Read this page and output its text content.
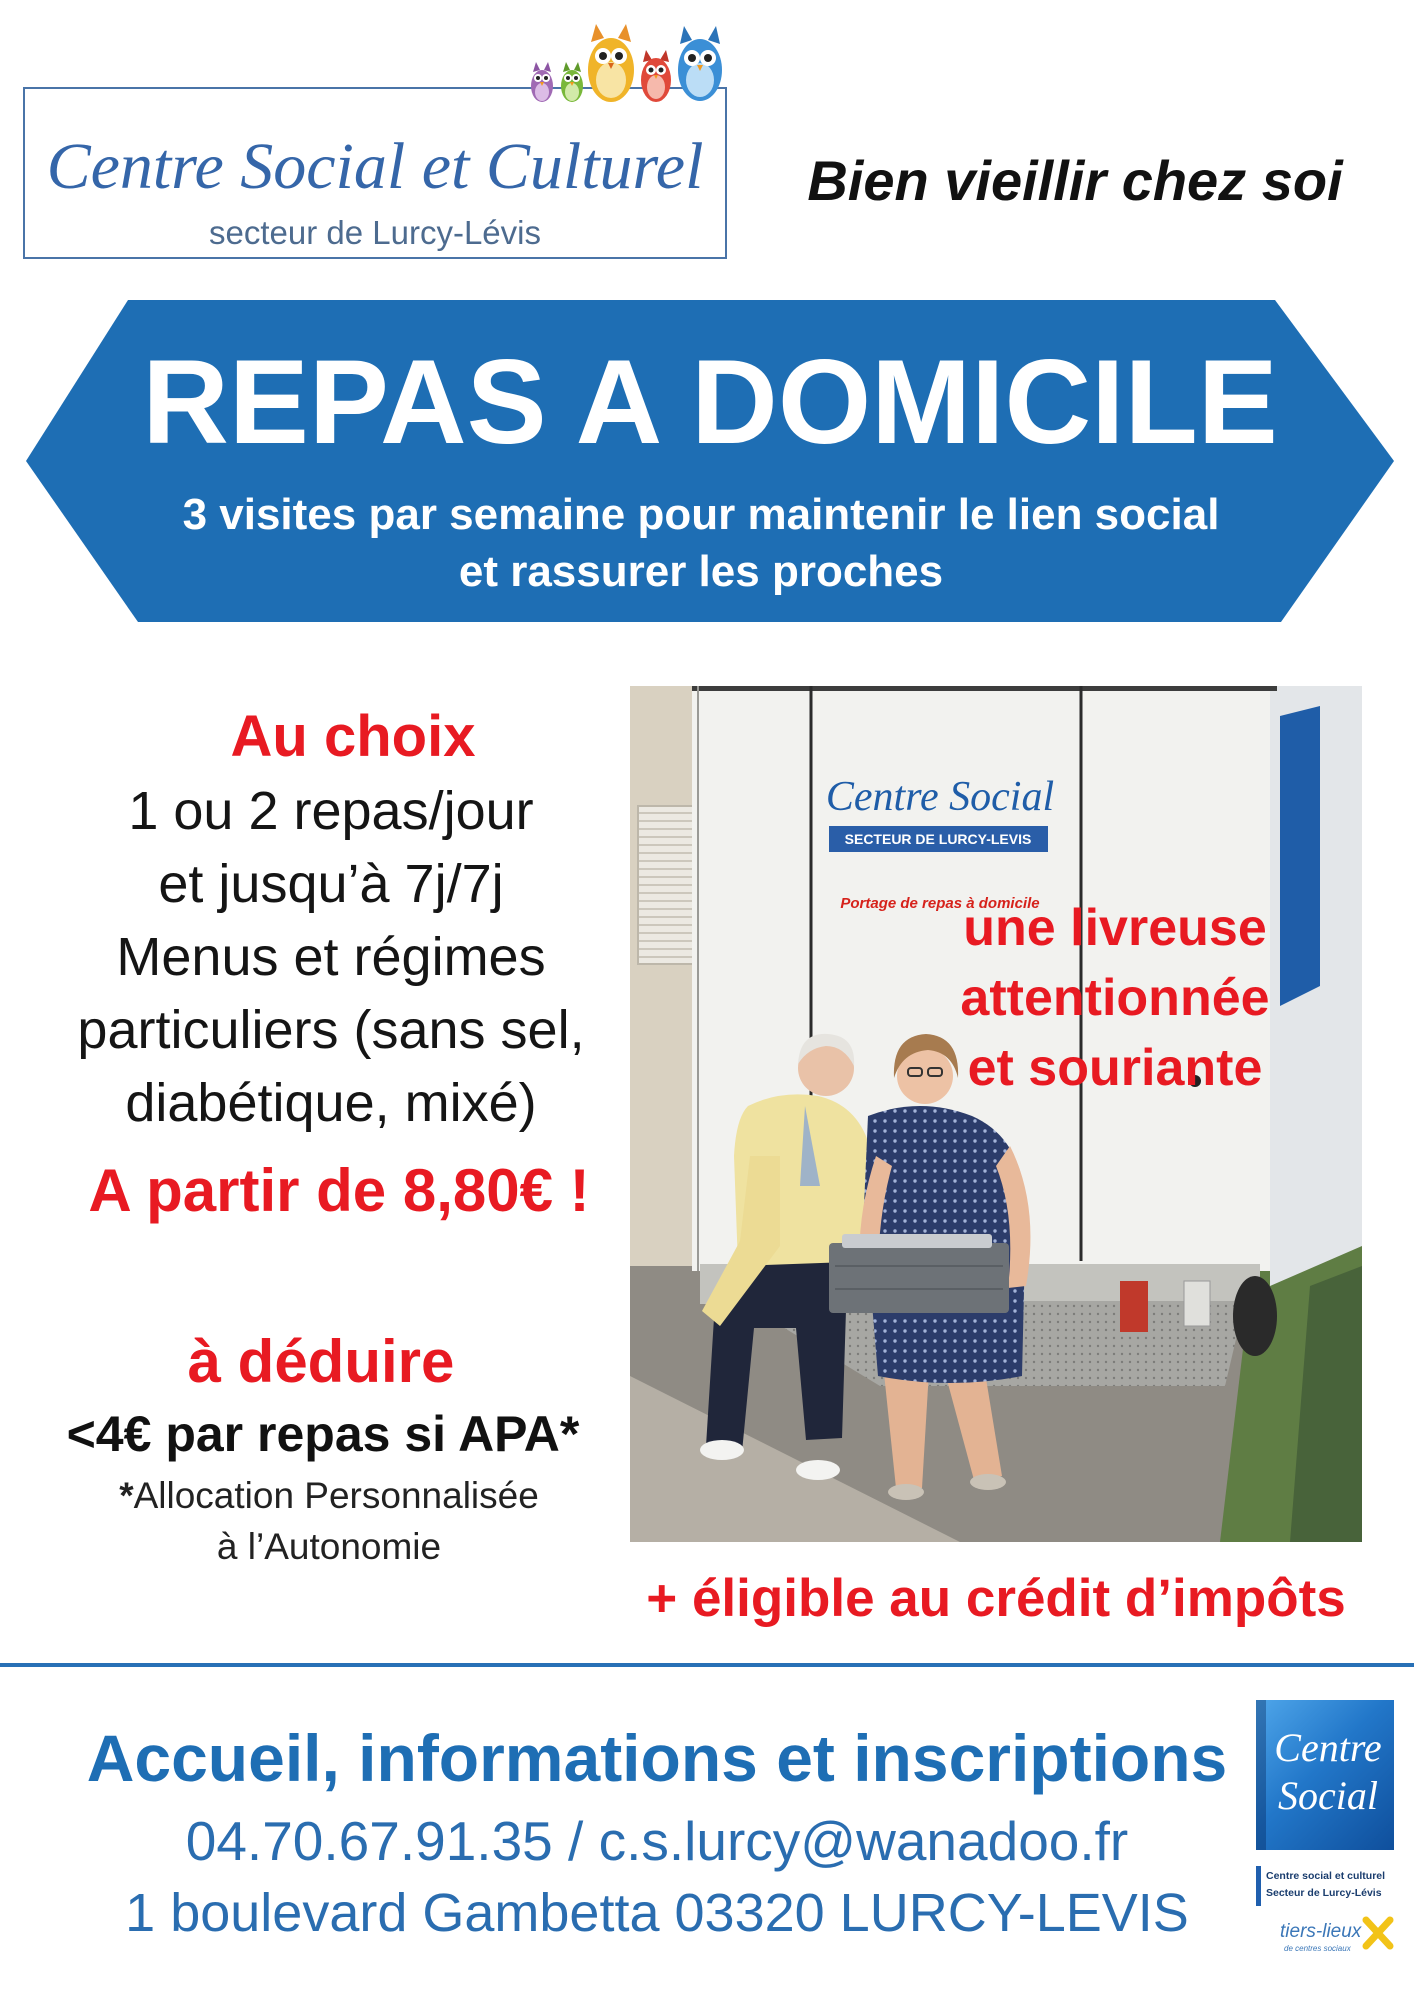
Centre Social et Culturel
secteur de Lurcy-Lévis
Bien vieillir chez soi
REPAS A DOMICILE
3 visites par semaine pour maintenir le lien social
et rassurer les proches
Au choix
1 ou 2 repas/jour
et jusqu’à 7j/7j
Menus et régimes
particuliers (sans sel,
diabétique, mixé)
A partir de 8,80€ !
à déduire
<4€ par repas si APA*
*Allocation Personnalisée
à l’Autonomie
Centre Social
SECTEUR DE LURCY-LEVIS
Portage de repas à domicile
une livreuse
attentionnée
et souriante
+ éligible au crédit d’impôts
Accueil, informations et inscriptions
04.70.67.91.35 / c.s.lurcy@wanadoo.fr
1 boulevard Gambetta 03320 LURCY-LEVIS
Centre
Social
Centre social et culturel
Secteur de Lurcy-Lévis
tiers-lieux
de centres sociaux
